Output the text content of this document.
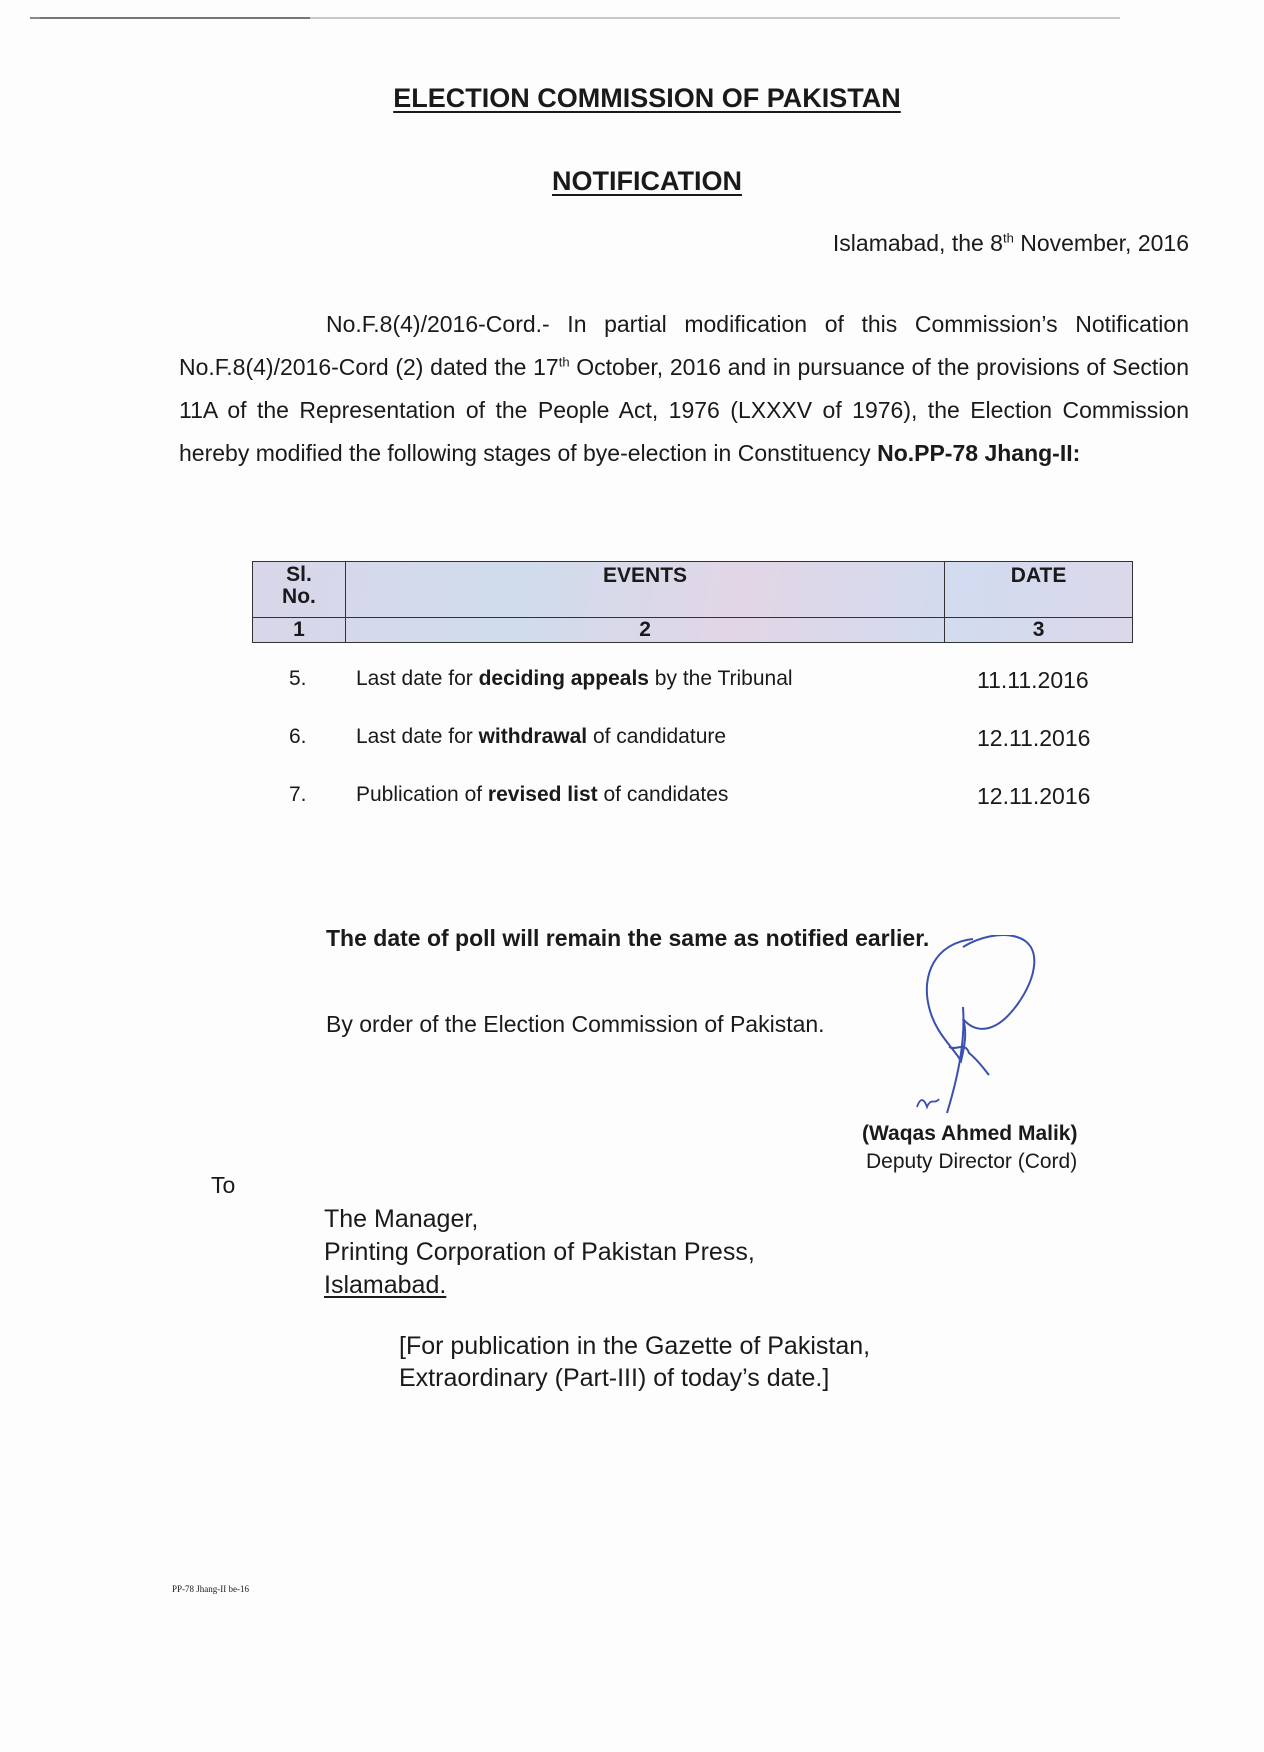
ELECTION COMMISSION OF PAKISTAN
NOTIFICATION
Islamabad, the 8th November, 2016
No.F.8(4)/2016-Cord.- In partial modification of this Commission’s Notification No.F.8(4)/2016-Cord (2) dated the 17th October, 2016 and in pursuance of the provisions of Section 11A of the Representation of the People Act, 1976 (LXXXV of 1976), the Election Commission hereby modified the following stages of bye-election in Constituency No.PP-78 Jhang-II:
Sl. No.	EVENTS	DATE
1	2	3
5. Last date for deciding appeals by the Tribunal	11.11.2016
6. Last date for withdrawal of candidature	12.11.2016
7. Publication of revised list of candidates	12.11.2016
The date of poll will remain the same as notified earlier.
By order of the Election Commission of Pakistan.
(Waqas Ahmed Malik)
Deputy Director (Cord)
To
The Manager,
Printing Corporation of Pakistan Press,
Islamabad.
[For publication in the Gazette of Pakistan,
Extraordinary (Part-III) of today’s date.]
PP-78 Jhang-II be-16
